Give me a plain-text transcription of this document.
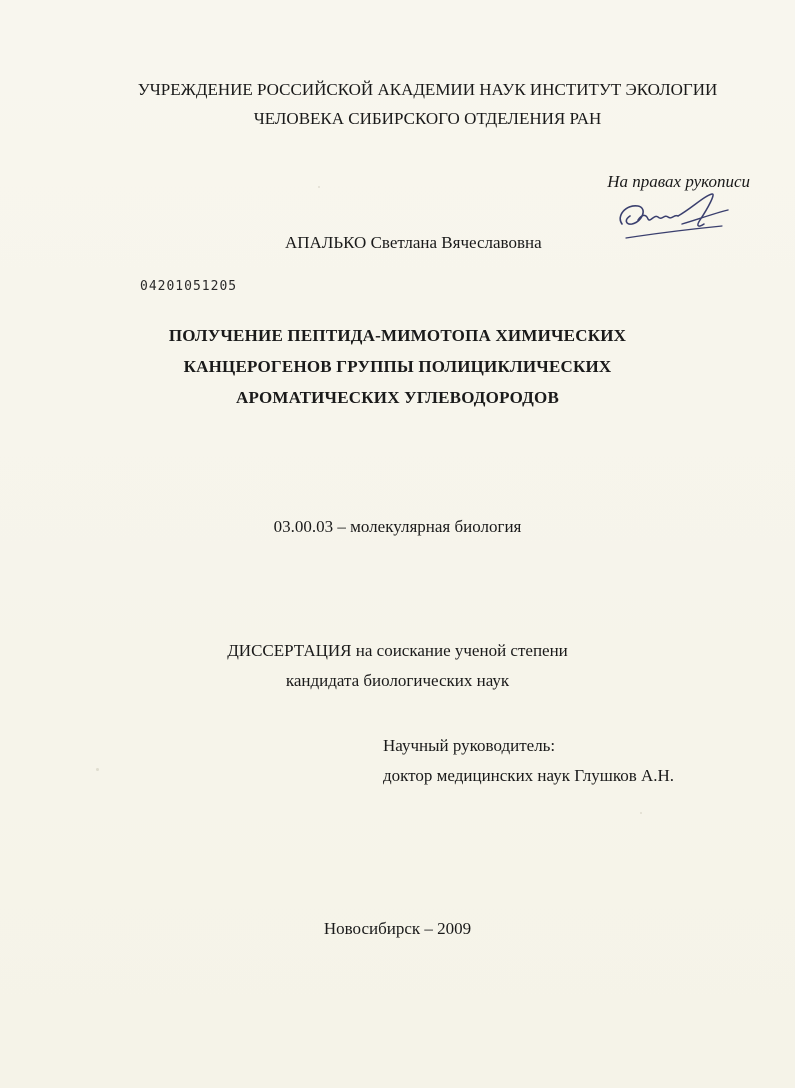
УЧРЕЖДЕНИЕ РОССИЙСКОЙ АКАДЕМИИ НАУК ИНСТИТУТ ЭКОЛОГИИ
ЧЕЛОВЕКА СИБИРСКОГО ОТДЕЛЕНИЯ РАН
На правах рукописи
АПАЛЬКО Светлана Вячеславовна
04201051205
ПОЛУЧЕНИЕ ПЕПТИДА-МИМОТОПА ХИМИЧЕСКИХ
КАНЦЕРОГЕНОВ ГРУППЫ ПОЛИЦИКЛИЧЕСКИХ
АРОМАТИЧЕСКИХ УГЛЕВОДОРОДОВ
03.00.03 – молекулярная биология
ДИССЕРТАЦИЯ на соискание ученой степени
кандидата биологических наук
Научный руководитель:
доктор медицинских наук Глушков А.Н.
Новосибирск – 2009
